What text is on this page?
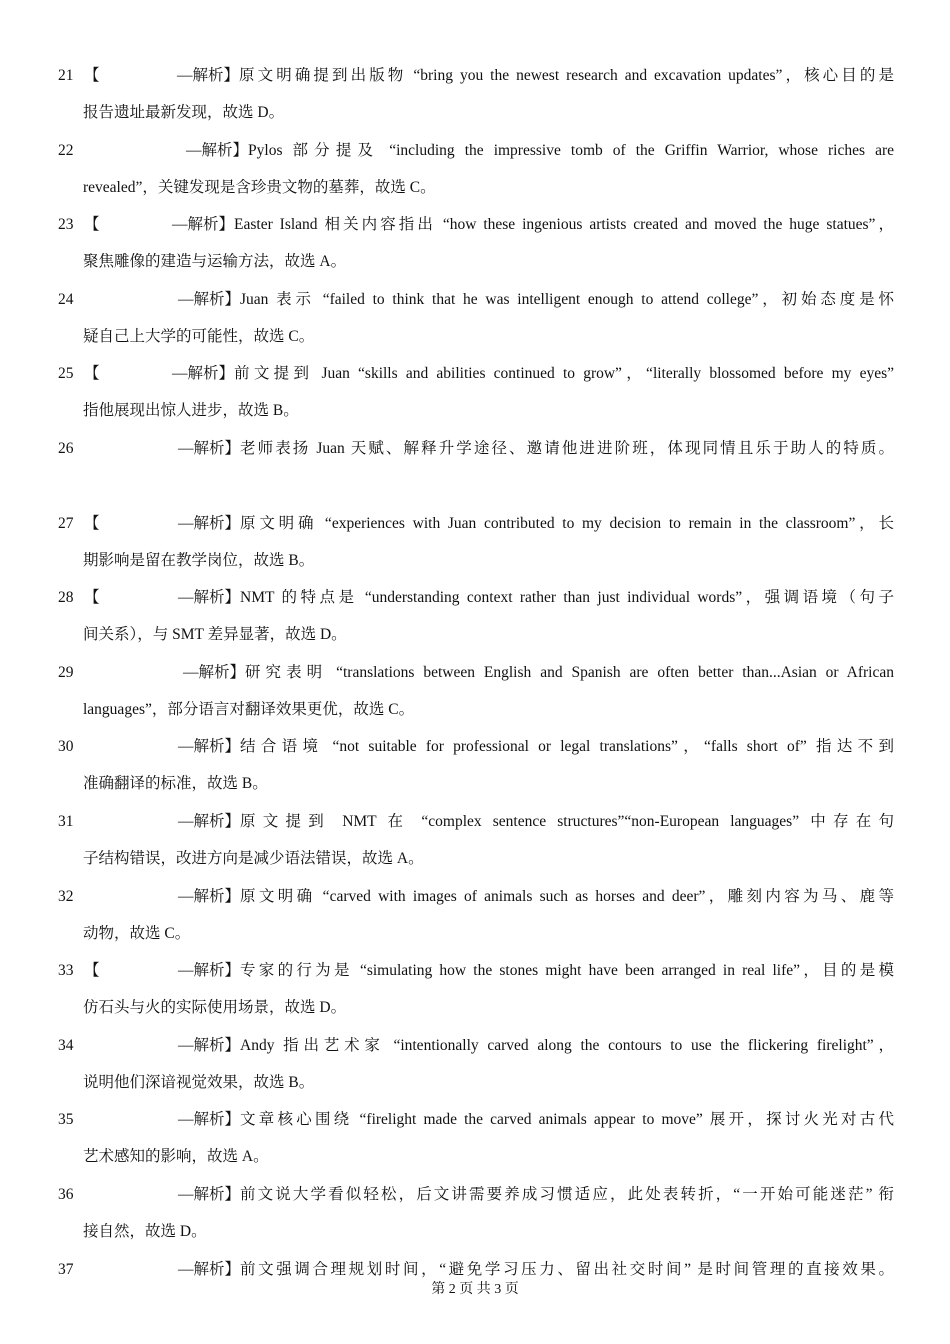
21 【	—解析】 原文明确提到出版物 “bring you the newest research and excavation updates”，核心目的是
报告遗址最新发现，故选 D。
22	—解析】 Pylos 部分提及 “including the impressive tomb of the Griffin Warrior, whose riches are
revealed”，关键发现是含珍贵文物的墓葬，故选 C。
23 【	—解析】 Easter Island 相关内容指出 “how these ingenious artists created and moved the huge statues”，
聚焦雕像的建造与运输方法，故选 A。
24	—解析】 Juan 表示 “failed to think that he was intelligent enough to attend college”，初始态度是怀
疑自己上大学的可能性，故选 C。
25 【	—解析】 前文提到 Juan “skills and abilities continued to grow”，“literally blossomed before my eyes”
指他展现出惊人进步，故选 B。
26	—解析】 老师表扬 Juan 天赋、解释升学途径、邀请他进进阶班，体现同情且乐于助人的特质。
27 【	—解析】 原文明确 “experiences with Juan contributed to my decision to remain in the classroom”，长
期影响是留在教学岗位，故选 B。
28 【	—解析】 NMT 的特点是 “understanding context rather than just individual words”，强调语境（句子
间关系），与 SMT 差异显著，故选 D。
29	—解析】 研究表明 “translations between English and Spanish are often better than...Asian or African
languages”，部分语言对翻译效果更优，故选 C。
30	—解析】 结合语境 “not suitable for professional or legal translations”，“falls short of” 指达不到
准确翻译的标准，故选 B。
31	—解析】 原文提到 NMT 在 “complex sentence structures”“non-European languages” 中存在句
子结构错误，改进方向是减少语法错误，故选 A。
32	—解析】 原文明确 “carved with images of animals such as horses and deer”，雕刻内容为马、鹿等
动物，故选 C。
33 【	—解析】 专家的行为是 “simulating how the stones might have been arranged in real life”，目的是模
仿石头与火的实际使用场景，故选 D。
34	—解析】 Andy 指出艺术家 “intentionally carved along the contours to use the flickering firelight”，
说明他们深谙视觉效果，故选 B。
35	—解析】 文章核心围绕 “firelight made the carved animals appear to move” 展开，探讨火光对古代
艺术感知的影响，故选 A。
36	—解析】 前文说大学看似轻松，后文讲需要养成习惯适应，此处表转折，“一开始可能迷茫” 衔
接自然，故选 D。
37	—解析】 前文强调合理规划时间，“避免学习压力、留出社交时间” 是时间管理的直接效果。
第 2 页 共 3 页
